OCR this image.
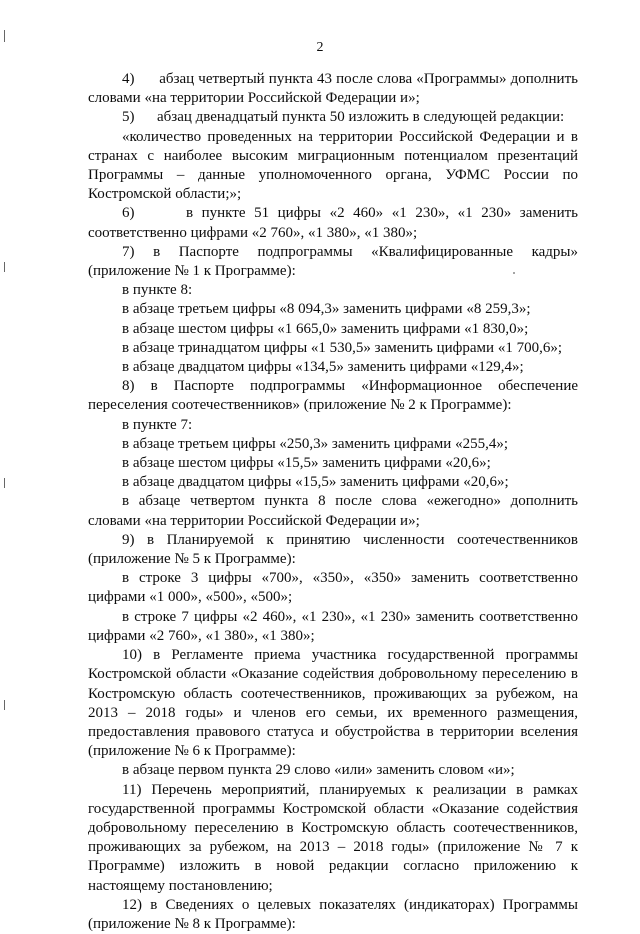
2

4)      абзац четвертый пункта 43 после слова «Программы» дополнить словами «на территории Российской Федерации и»;

5)      абзац двенадцатый пункта 50 изложить в следующей редакции:

«количество проведенных на территории Российской Федерации и в странах с наиболее высоким миграционным потенциалом презентаций Программы – данные уполномоченного органа, УФМС России по Костромской области;»;

6)      в пункте 51 цифры «2 460» «1 230», «1 230» заменить соответственно цифрами «2 760», «1 380», «1 380»;

7) в Паспорте подпрограммы «Квалифицированные кадры» (приложение № 1 к Программе):

в пункте 8:

в абзаце третьем цифры «8 094,3» заменить цифрами «8 259,3»;

в абзаце шестом цифры «1 665,0» заменить цифрами «1 830,0»;

в абзаце тринадцатом цифры «1 530,5» заменить цифрами «1 700,6»;

в абзаце двадцатом цифры «134,5» заменить цифрами «129,4»;

8) в Паспорте подпрограммы «Информационное обеспечение переселения соотечественников» (приложение № 2 к Программе):

в пункте 7:

в абзаце третьем цифры «250,3» заменить цифрами «255,4»;

в абзаце шестом цифры «15,5» заменить цифрами «20,6»;

в абзаце двадцатом цифры «15,5» заменить цифрами «20,6»;

в абзаце четвертом пункта 8 после слова «ежегодно» дополнить словами «на территории Российской Федерации и»;

9) в Планируемой к принятию численности соотечественников (приложение № 5 к Программе):

в строке 3 цифры «700», «350», «350» заменить соответственно цифрами «1 000», «500», «500»;

в строке 7 цифры «2 460», «1 230», «1 230» заменить соответственно цифрами «2 760», «1 380», «1 380»;

10) в Регламенте приема участника государственной программы Костромской области «Оказание содействия добровольному переселению в Костромскую область соотечественников, проживающих за рубежом, на 2013 – 2018 годы» и членов его семьи, их временного размещения, предоставления правового статуса и обустройства в территории вселения (приложение № 6 к Программе):

в абзаце первом пункта 29 слово «или» заменить словом «и»;

11) Перечень мероприятий, планируемых к реализации в рамках государственной программы Костромской области «Оказание содействия добровольному переселению в Костромскую область соотечественников, проживающих за рубежом, на 2013 – 2018 годы» (приложение № 7 к Программе) изложить в новой редакции согласно приложению к настоящему постановлению;

12) в Сведениях о целевых показателях (индикаторах) Программы (приложение № 8 к Программе):
